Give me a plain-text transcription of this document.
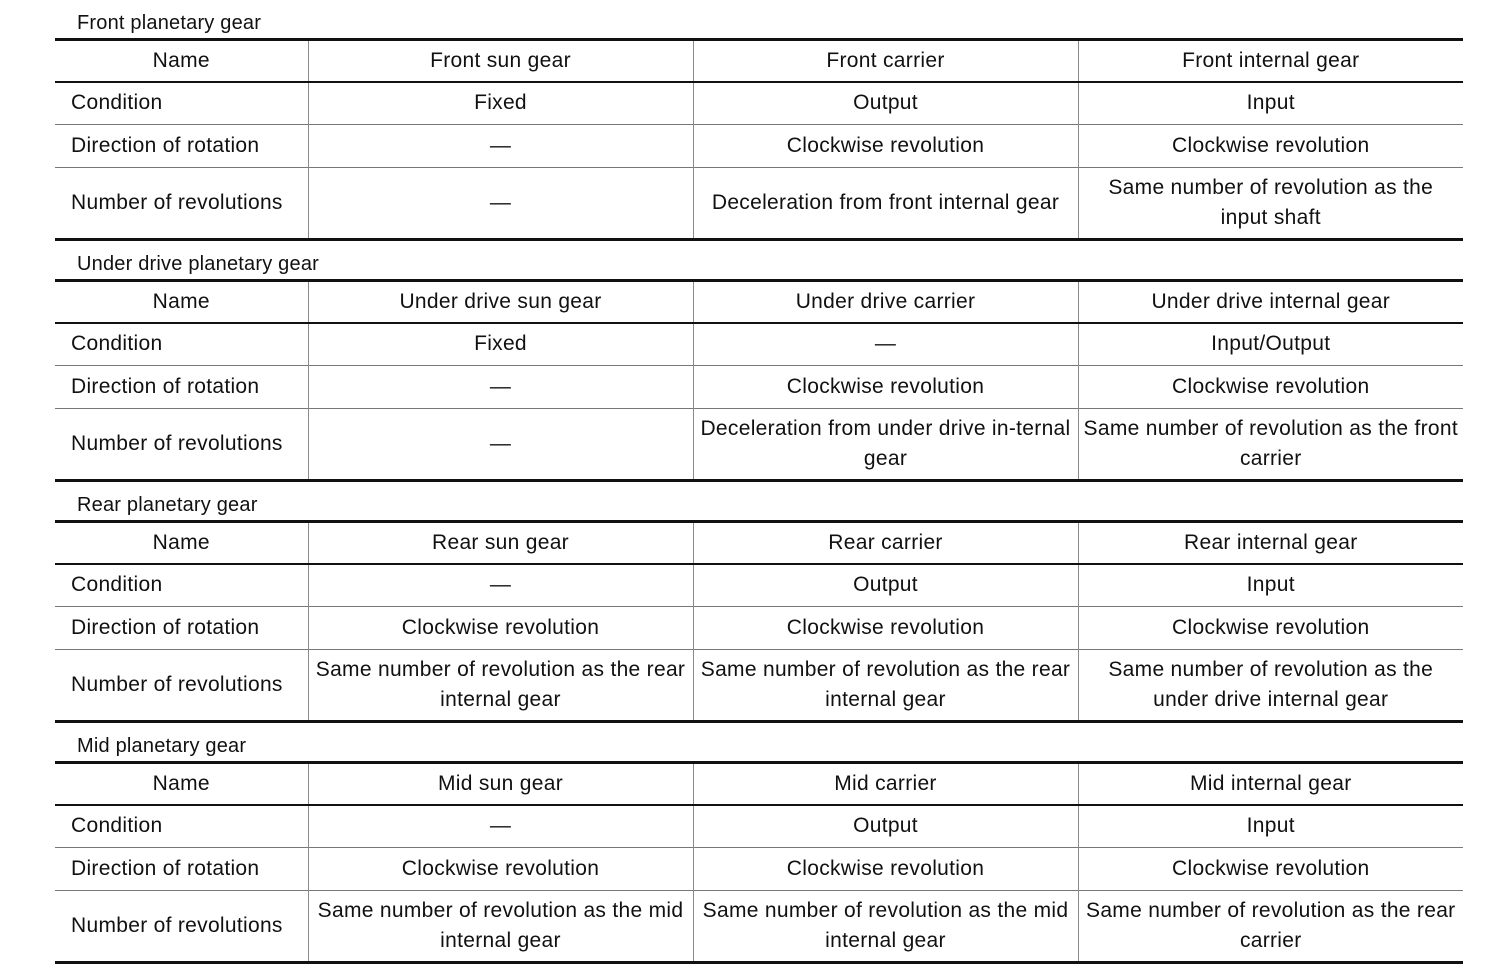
Front planetary gear
Name	Front sun gear	Front carrier	Front internal gear
Condition	Fixed	Output	Input
Direction of rotation	—	Clockwise revolution	Clockwise revolution
Number of revolutions	—	Deceleration from front internal gear	Same number of revolution as the input shaft
Under drive planetary gear
Name	Under drive sun gear	Under drive carrier	Under drive internal gear
Condition	Fixed	—	Input/Output
Direction of rotation	—	Clockwise revolution	Clockwise revolution
Number of revolutions	—	Deceleration from under drive in-ternal gear	Same number of revolution as the front carrier
Rear planetary gear
Name	Rear sun gear	Rear carrier	Rear internal gear
Condition	—	Output	Input
Direction of rotation	Clockwise revolution	Clockwise revolution	Clockwise revolution
Number of revolutions	Same number of revolution as the rear internal gear	Same number of revolution as the rear internal gear	Same number of revolution as the under drive internal gear
Mid planetary gear
Name	Mid sun gear	Mid carrier	Mid internal gear
Condition	—	Output	Input
Direction of rotation	Clockwise revolution	Clockwise revolution	Clockwise revolution
Number of revolutions	Same number of revolution as the mid internal gear	Same number of revolution as the mid internal gear	Same number of revolution as the rear carrier
